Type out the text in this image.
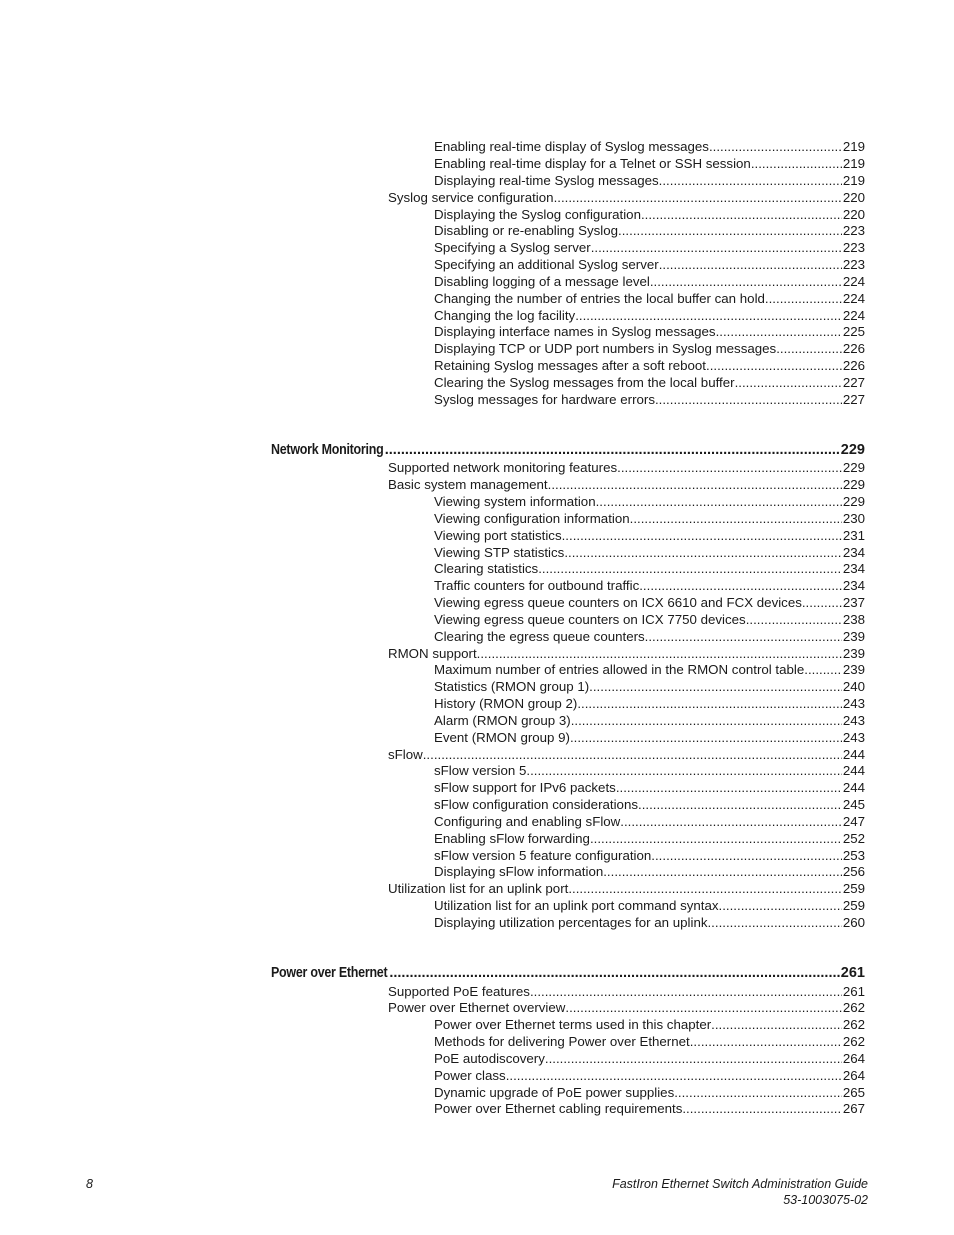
Enabling real-time display of Syslog messages .....	219
Enabling real-time display for a Telnet or SSH session .....	219
Displaying real-time Syslog messages .....	219
Syslog service configuration .....	220
Displaying the Syslog configuration .....	220
Disabling or re-enabling Syslog .....	223
Specifying a Syslog server .....	223
Specifying an additional Syslog server .....	223
Disabling logging of a message level .....	224
Changing the number of entries the local buffer can hold .....	224
Changing the log facility .....	224
Displaying interface names in Syslog messages .....	225
Displaying TCP or UDP port numbers in Syslog messages .....	226
Retaining Syslog messages after a soft reboot .....	226
Clearing the Syslog messages from the local buffer .....	227
Syslog messages for hardware errors .....	227
Network Monitoring .....	229
Supported network monitoring features .....	229
Basic system management .....	229
Viewing system information .....	229
Viewing configuration information .....	230
Viewing port statistics .....	231
Viewing STP statistics .....	234
Clearing statistics .....	234
Traffic counters for outbound traffic .....	234
Viewing egress queue counters on ICX 6610 and FCX devices .....	237
Viewing egress queue counters on ICX 7750 devices .....	238
Clearing the egress queue counters .....	239
RMON support .....	239
Maximum number of entries allowed in the RMON control table .....	239
Statistics (RMON group 1) .....	240
History (RMON group 2) .....	243
Alarm (RMON group 3) .....	243
Event (RMON group 9) .....	243
sFlow .....	244
sFlow version 5 .....	244
sFlow support for IPv6 packets .....	244
sFlow configuration considerations .....	245
Configuring and enabling sFlow .....	247
Enabling sFlow forwarding .....	252
sFlow version 5 feature configuration .....	253
Displaying sFlow information .....	256
Utilization list for an uplink port .....	259
Utilization list for an uplink port command syntax .....	259
Displaying utilization percentages for an uplink .....	260
Power over Ethernet .....	261
Supported PoE features .....	261
Power over Ethernet overview .....	262
Power over Ethernet terms used in this chapter .....	262
Methods for delivering Power over Ethernet .....	262
PoE autodiscovery .....	264
Power class .....	264
Dynamic upgrade of PoE power supplies .....	265
Power over Ethernet cabling requirements .....	267
8	FastIron Ethernet Switch Administration Guide
53-1003075-02
